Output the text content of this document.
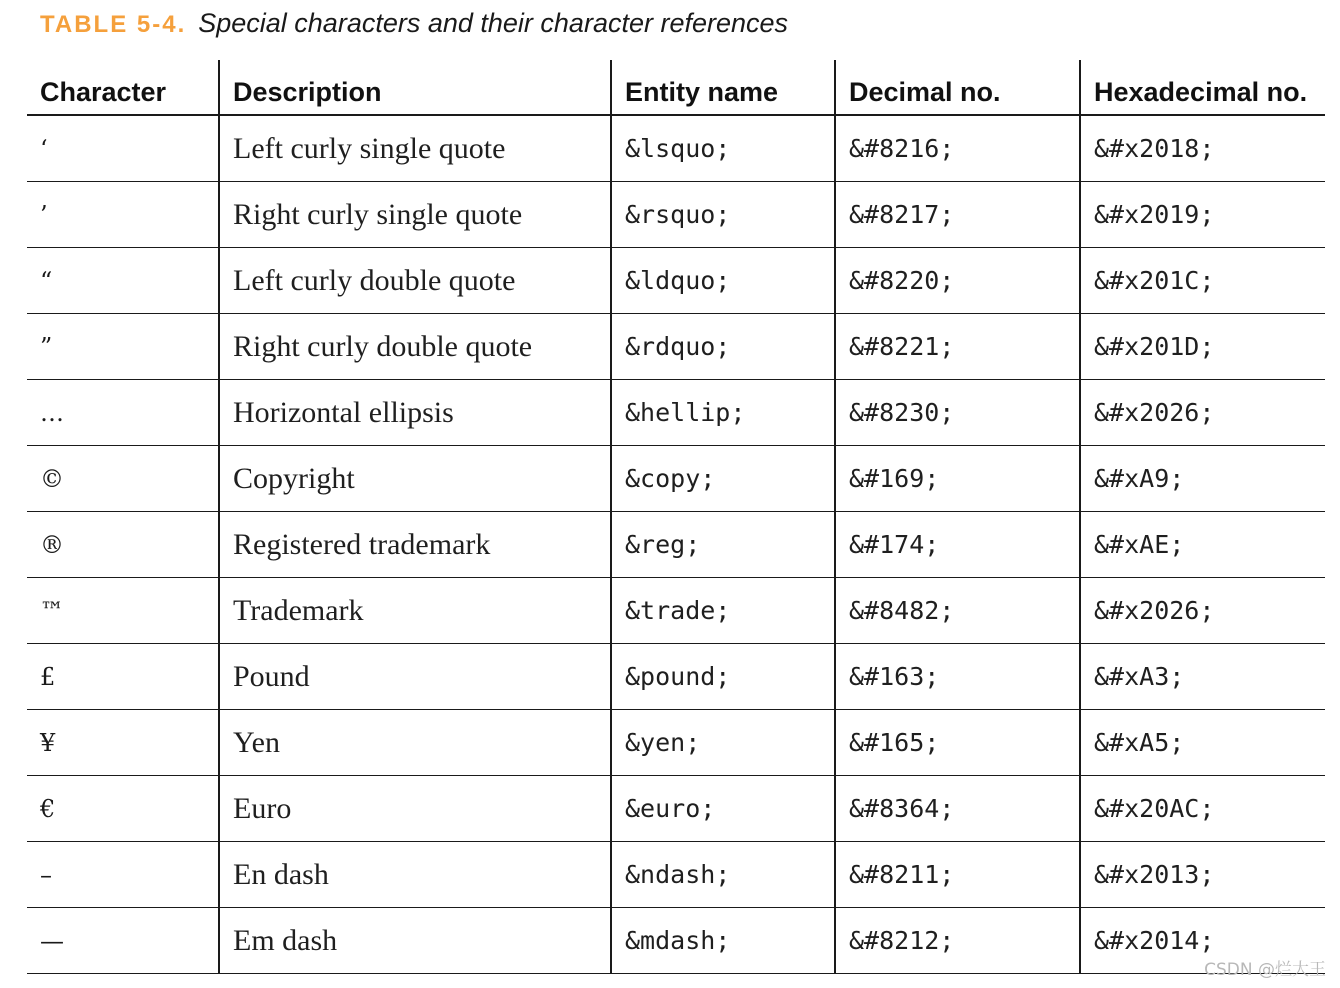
TABLE 5-4. Special characters and their character references
Character	Description	Entity name	Decimal no.	Hexadecimal no.
‘	Left curly single quote	&lsquo;	&#8216;	&#x2018;
’	Right curly single quote	&rsquo;	&#8217;	&#x2019;
“	Left curly double quote	&ldquo;	&#8220;	&#x201C;
”	Right curly double quote	&rdquo;	&#8221;	&#x201D;
…	Horizontal ellipsis	&hellip;	&#8230;	&#x2026;
©	Copyright	&copy;	&#169;	&#xA9;
®	Registered trademark	&reg;	&#174;	&#xAE;
™	Trademark	&trade;	&#8482;	&#x2026;
£	Pound	&pound;	&#163;	&#xA3;
¥	Yen	&yen;	&#165;	&#xA5;
€	Euro	&euro;	&#8364;	&#x20AC;
–	En dash	&ndash;	&#8211;	&#x2013;
—	Em dash	&mdash;	&#8212;	&#x2014;
CSDN @烂大王
